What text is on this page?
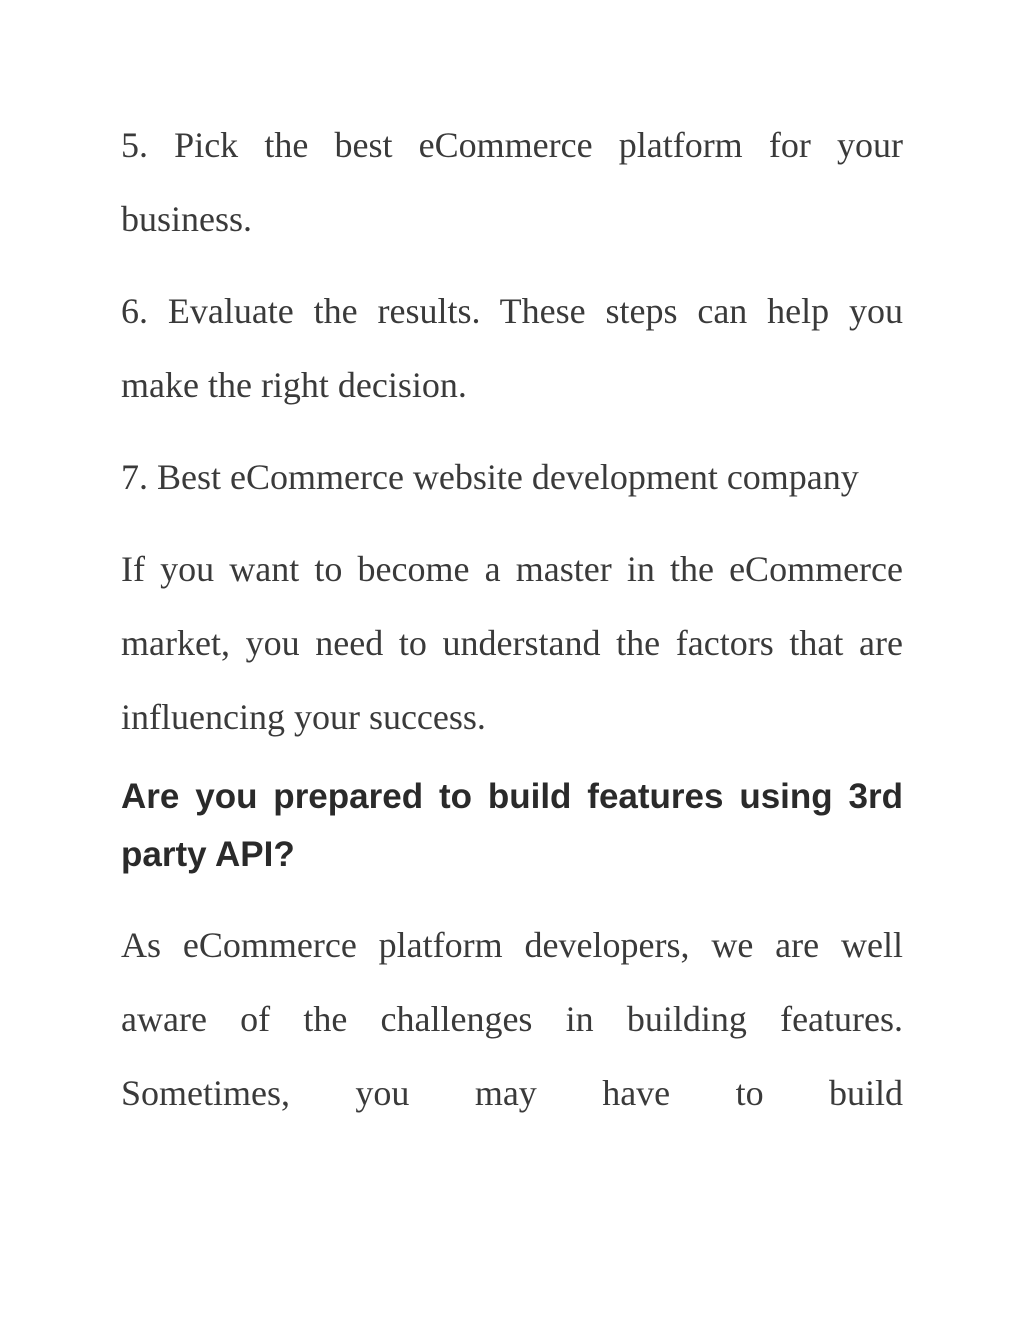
5. Pick the best eCommerce platform for your business.

6. Evaluate the results. These steps can help you make the right decision.

7. Best eCommerce website development company

If you want to become a master in the eCommerce market, you need to understand the factors that are influencing your success.

Are you prepared to build features using 3rd party API?

As eCommerce platform developers, we are well aware of the challenges in building features. Sometimes, you may have to build
